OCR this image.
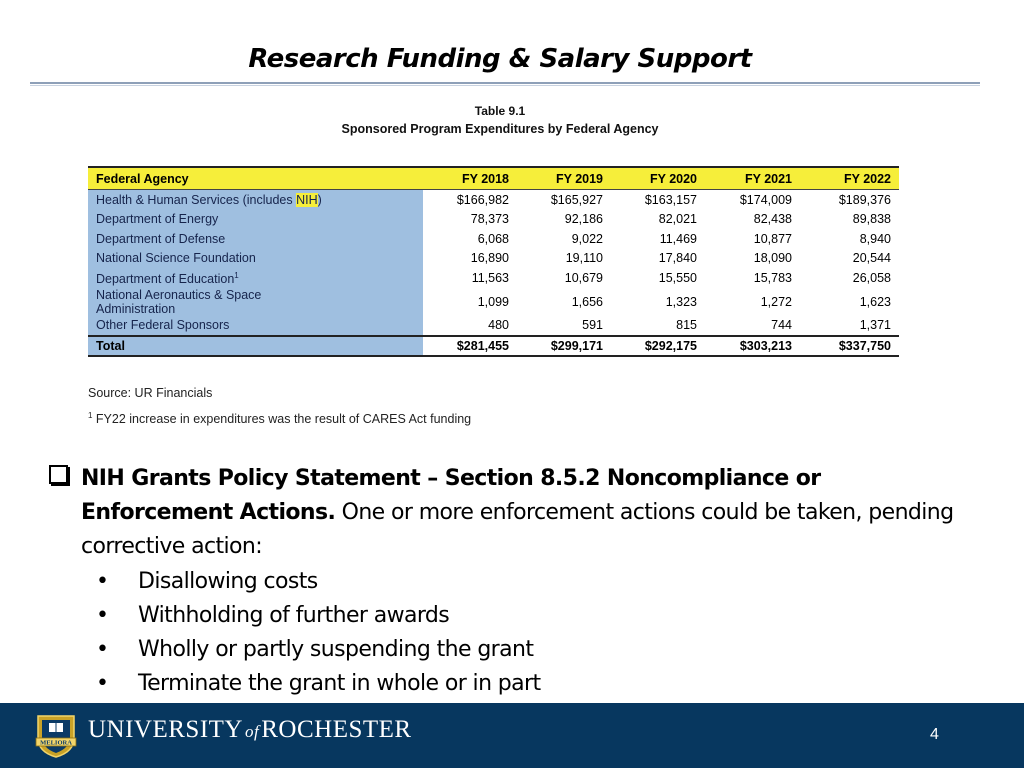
Research Funding & Salary Support
Table 9.1
Sponsored Program Expenditures by Federal Agency
Federal Agency	FY 2018	FY 2019	FY 2020	FY 2021	FY 2022
Health & Human Services (includes NIH)	$166,982	$165,927	$163,157	$174,009	$189,376
Department of Energy	78,373	92,186	82,021	82,438	89,838
Department of Defense	6,068	9,022	11,469	10,877	8,940
National Science Foundation	16,890	19,110	17,840	18,090	20,544
Department of Education$^1$	11,563	10,679	15,550	15,783	26,058
National Aeronautics & Space
Administration	1,099	1,656	1,323	1,272	1,623
Other Federal Sponsors	480	591	815	744	1,371
Total	$281,455	$299,171	$292,175	$303,213	$337,750
Source: UR Financials
$^1$ FY22 increase in expenditures was the result of CARES Act funding
NIH Grants Policy Statement – Section 8.5.2 Noncompliance or Enforcement Actions. One or more enforcement actions could be taken, pending corrective action:
• Disallowing costs
• Withholding of further awards
• Wholly or partly suspending the grant
• Terminate the grant in whole or in part
MELIORA UNIVERSITY ofROCHESTER	4
